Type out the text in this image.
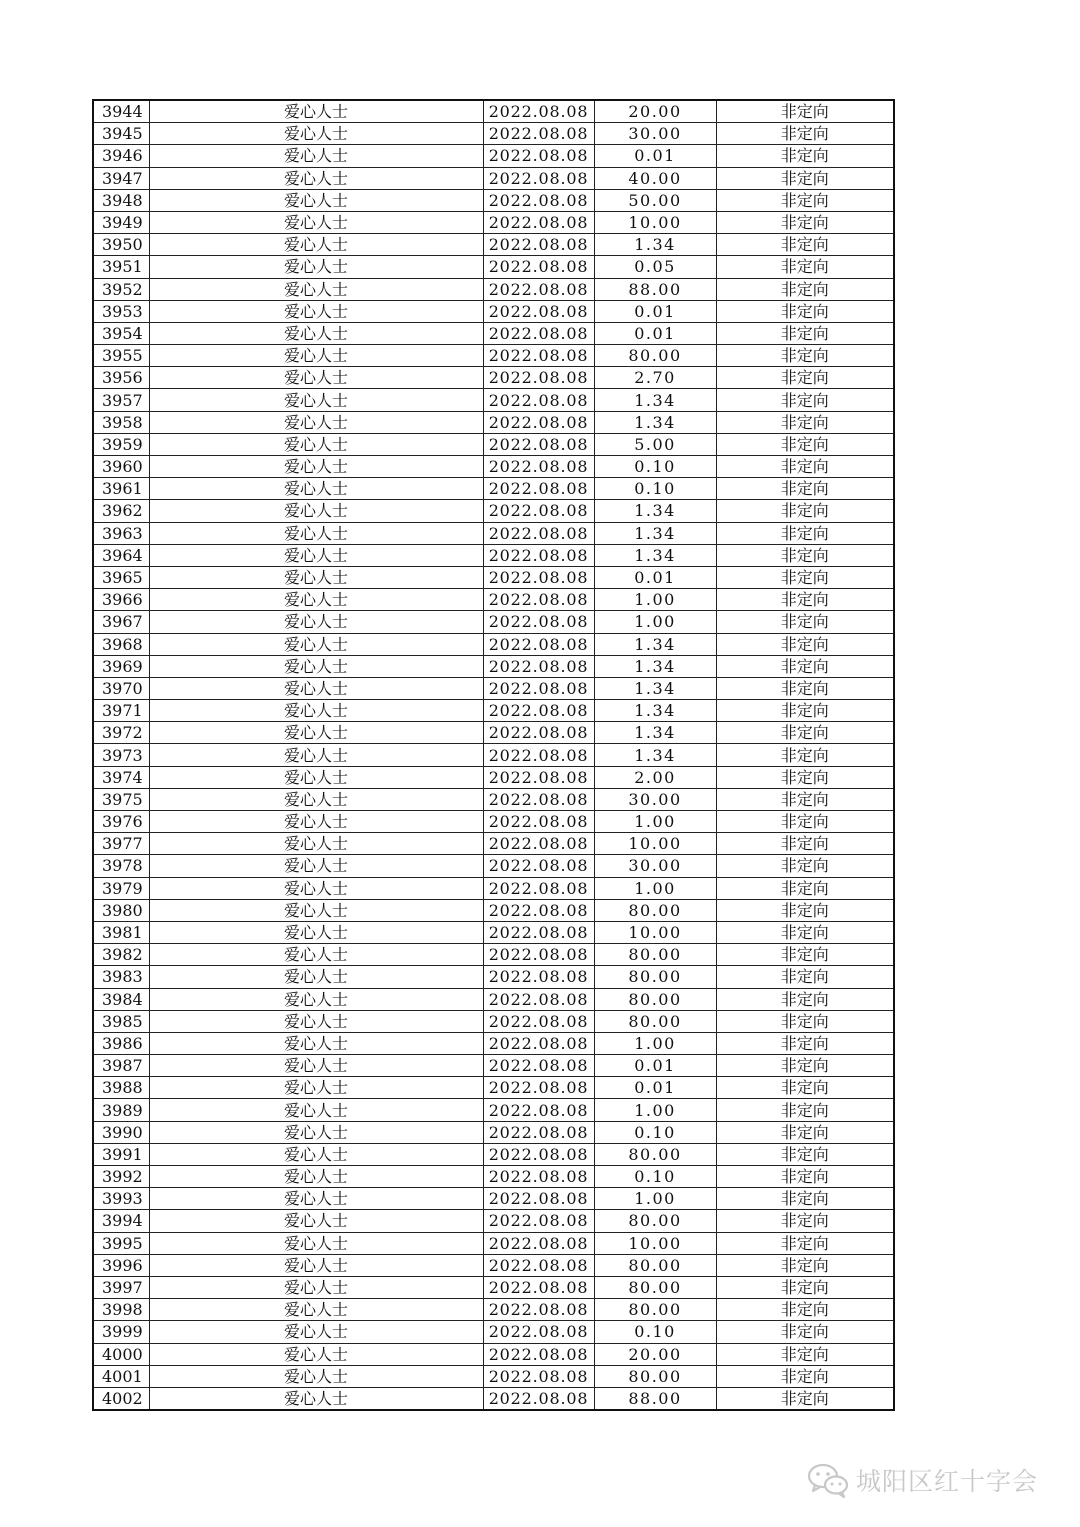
3944	爱心人士	2022.08.08	20.00	非定向
3945	爱心人士	2022.08.08	30.00	非定向
3946	爱心人士	2022.08.08	0.01	非定向
3947	爱心人士	2022.08.08	40.00	非定向
3948	爱心人士	2022.08.08	50.00	非定向
3949	爱心人士	2022.08.08	10.00	非定向
3950	爱心人士	2022.08.08	1.34	非定向
3951	爱心人士	2022.08.08	0.05	非定向
3952	爱心人士	2022.08.08	88.00	非定向
3953	爱心人士	2022.08.08	0.01	非定向
3954	爱心人士	2022.08.08	0.01	非定向
3955	爱心人士	2022.08.08	80.00	非定向
3956	爱心人士	2022.08.08	2.70	非定向
3957	爱心人士	2022.08.08	1.34	非定向
3958	爱心人士	2022.08.08	1.34	非定向
3959	爱心人士	2022.08.08	5.00	非定向
3960	爱心人士	2022.08.08	0.10	非定向
3961	爱心人士	2022.08.08	0.10	非定向
3962	爱心人士	2022.08.08	1.34	非定向
3963	爱心人士	2022.08.08	1.34	非定向
3964	爱心人士	2022.08.08	1.34	非定向
3965	爱心人士	2022.08.08	0.01	非定向
3966	爱心人士	2022.08.08	1.00	非定向
3967	爱心人士	2022.08.08	1.00	非定向
3968	爱心人士	2022.08.08	1.34	非定向
3969	爱心人士	2022.08.08	1.34	非定向
3970	爱心人士	2022.08.08	1.34	非定向
3971	爱心人士	2022.08.08	1.34	非定向
3972	爱心人士	2022.08.08	1.34	非定向
3973	爱心人士	2022.08.08	1.34	非定向
3974	爱心人士	2022.08.08	2.00	非定向
3975	爱心人士	2022.08.08	30.00	非定向
3976	爱心人士	2022.08.08	1.00	非定向
3977	爱心人士	2022.08.08	10.00	非定向
3978	爱心人士	2022.08.08	30.00	非定向
3979	爱心人士	2022.08.08	1.00	非定向
3980	爱心人士	2022.08.08	80.00	非定向
3981	爱心人士	2022.08.08	10.00	非定向
3982	爱心人士	2022.08.08	80.00	非定向
3983	爱心人士	2022.08.08	80.00	非定向
3984	爱心人士	2022.08.08	80.00	非定向
3985	爱心人士	2022.08.08	80.00	非定向
3986	爱心人士	2022.08.08	1.00	非定向
3987	爱心人士	2022.08.08	0.01	非定向
3988	爱心人士	2022.08.08	0.01	非定向
3989	爱心人士	2022.08.08	1.00	非定向
3990	爱心人士	2022.08.08	0.10	非定向
3991	爱心人士	2022.08.08	80.00	非定向
3992	爱心人士	2022.08.08	0.10	非定向
3993	爱心人士	2022.08.08	1.00	非定向
3994	爱心人士	2022.08.08	80.00	非定向
3995	爱心人士	2022.08.08	10.00	非定向
3996	爱心人士	2022.08.08	80.00	非定向
3997	爱心人士	2022.08.08	80.00	非定向
3998	爱心人士	2022.08.08	80.00	非定向
3999	爱心人士	2022.08.08	0.10	非定向
4000	爱心人士	2022.08.08	20.00	非定向
4001	爱心人士	2022.08.08	80.00	非定向
4002	爱心人士	2022.08.08	88.00	非定向
城阳区红十字会
